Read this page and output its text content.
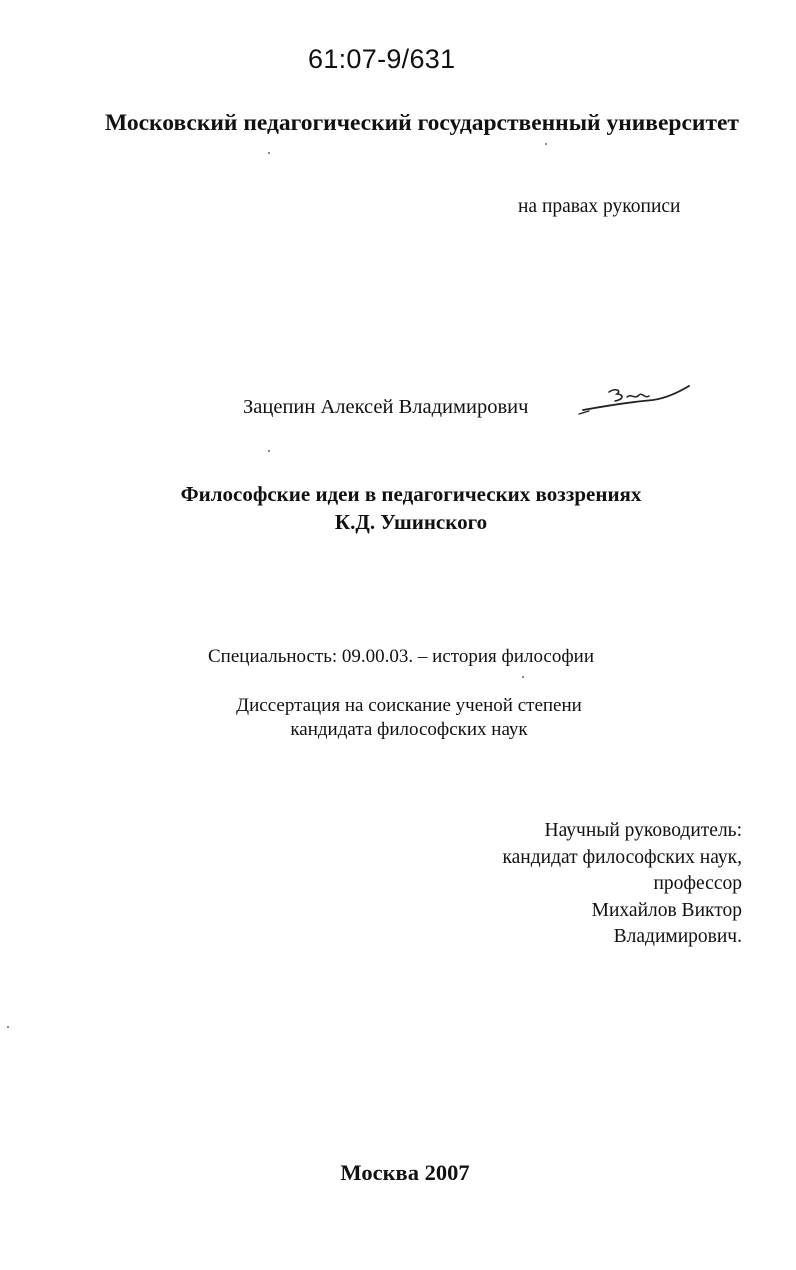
61:07-9/631
Московский педагогический государственный университет
на правах рукописи
Зацепин Алексей Владимирович
Философские идеи в педагогических воззрениях
К.Д. Ушинского
Специальность: 09.00.03. – история философии
Диссертация на соискание ученой степени
кандидата философских наук
Научный руководитель:
кандидат философских наук,
профессор
Михайлов Виктор
Владимирович.
Москва 2007
